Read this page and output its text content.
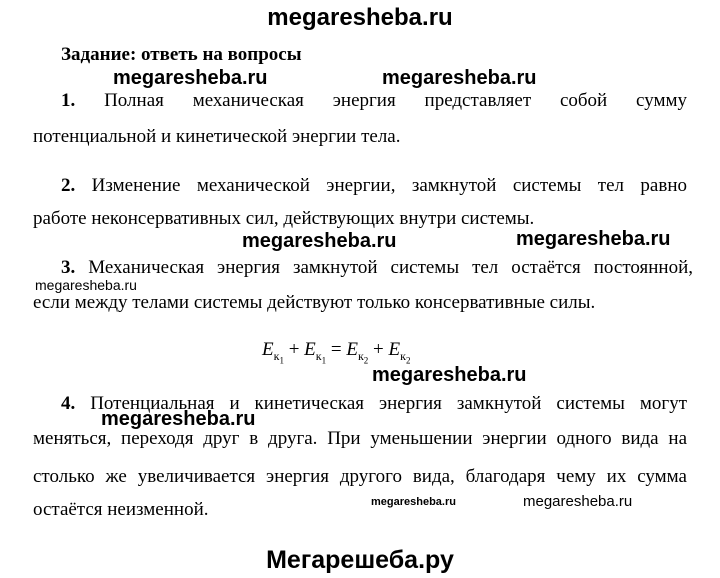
megaresheba.ru
Задание: ответь на вопросы
megaresheba.ru	megaresheba.ru
1. Полная механическая энергия представляет собой сумму
потенциальной и кинетической энергии тела.
2. Изменение механической энергии, замкнутой системы тел равно
работе неконсервативных сил, действующих внутри системы.
megaresheba.ru	megaresheba.ru
3. Механическая энергия замкнутой системы тел остаётся постоянной,
megaresheba.ru
если между телами системы действуют только консервативные силы.
$E_{к_1} + E_{к_1} = E_{к_2} + E_{к_2}$
megaresheba.ru
4. Потенциальная и кинетическая энергия замкнутой системы могут
megaresheba.ru
меняться, переходя друг в друга. При уменьшении энергии одного вида на
столько же увеличивается энергия другого вида, благодаря чему их сумма
остаётся неизменной.	megaresheba.ru	megaresheba.ru
Мегарешеба.ру
